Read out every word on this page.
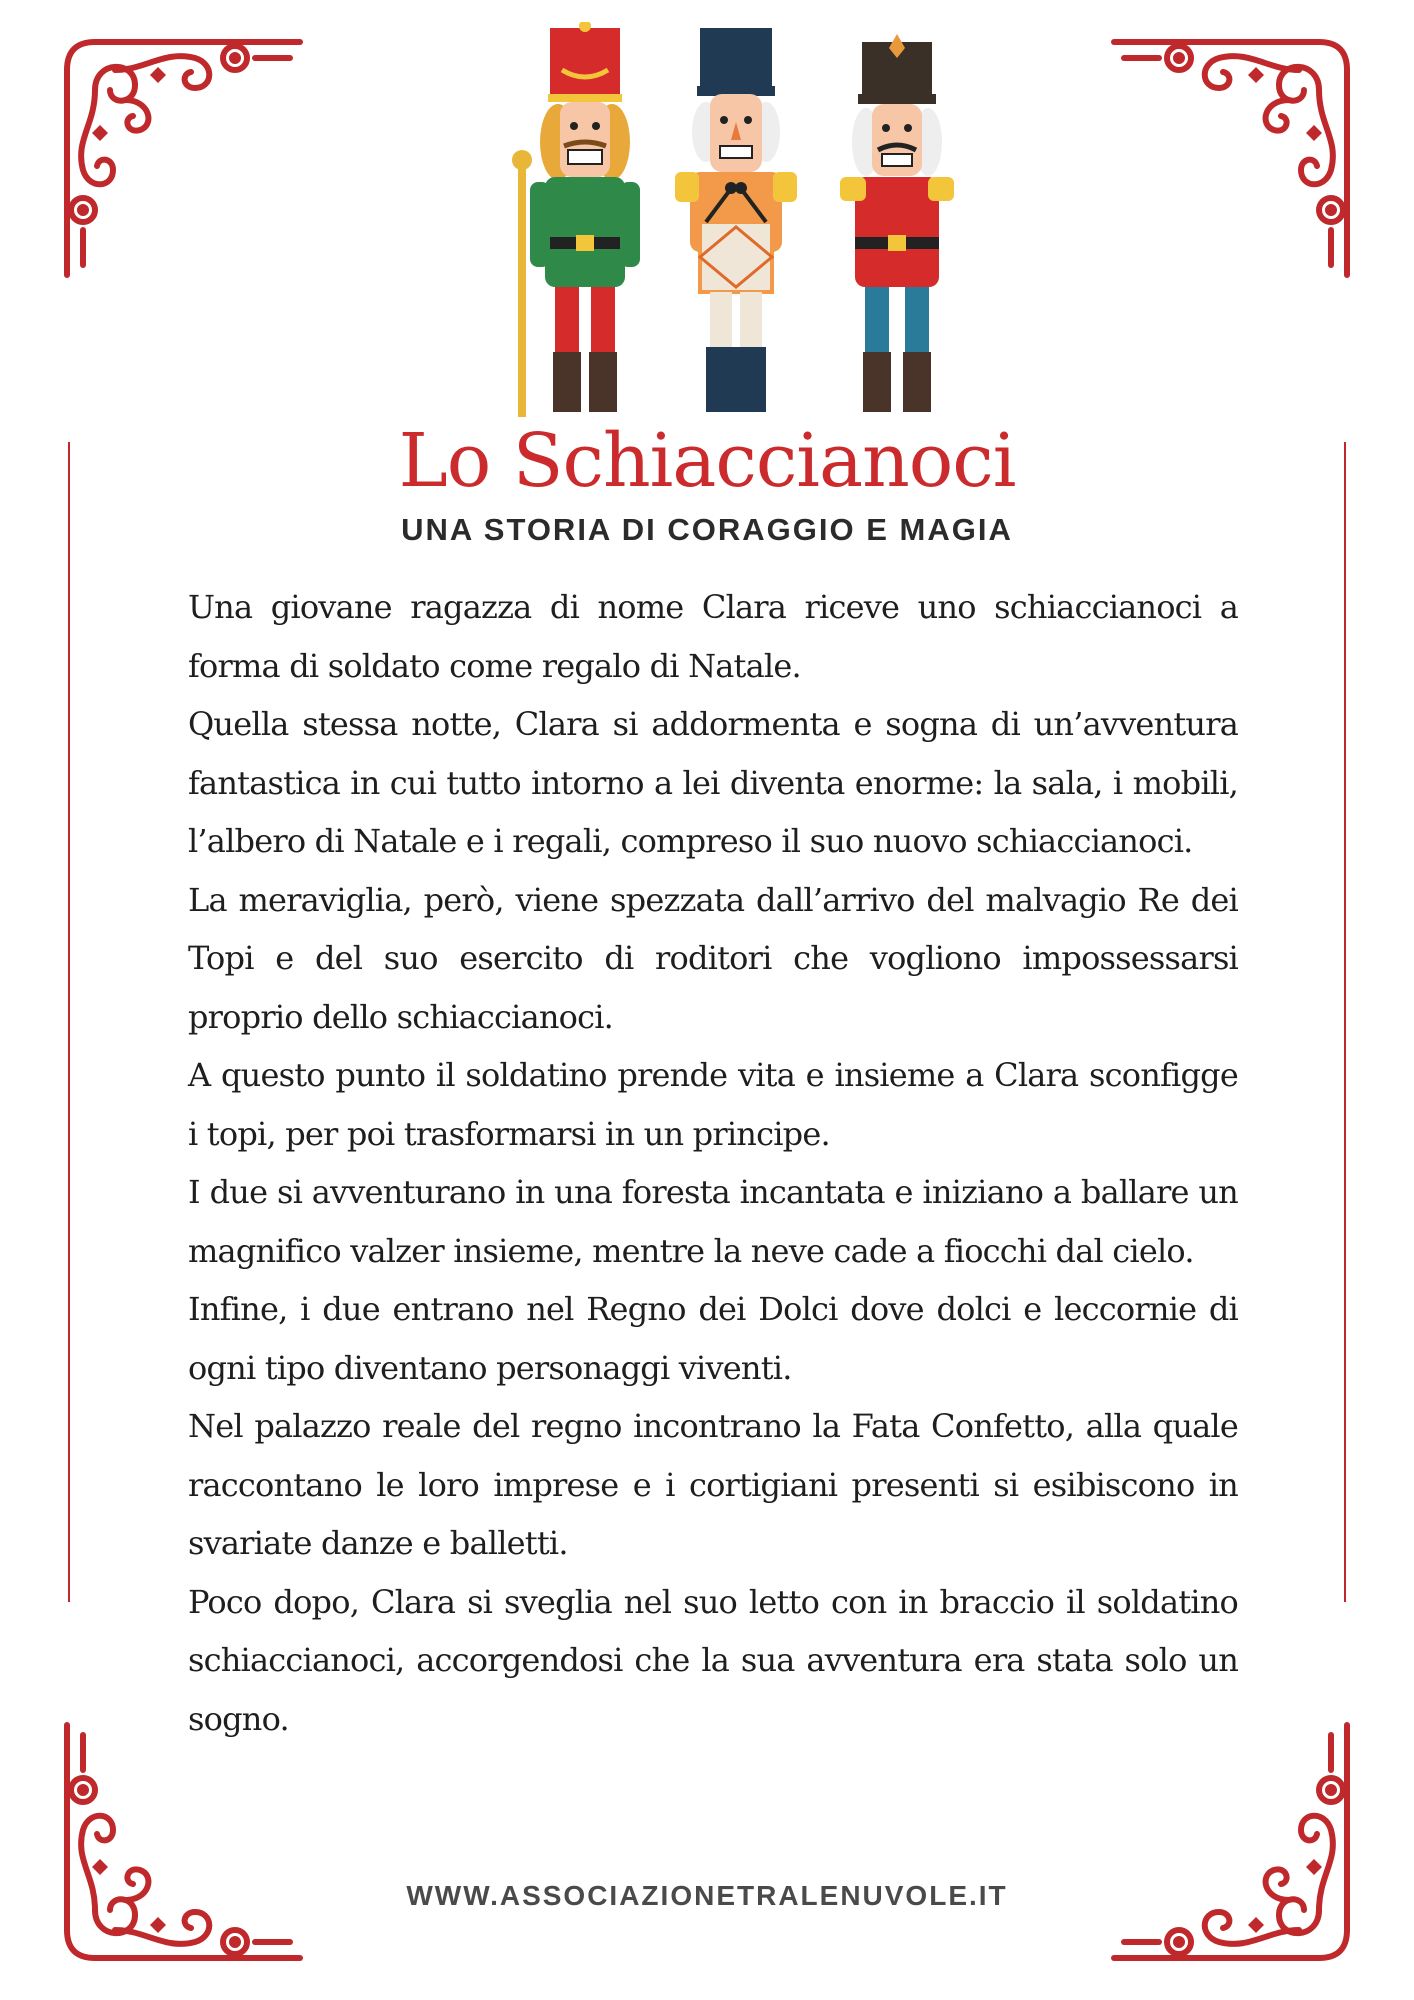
Lo Schiaccianoci
UNA STORIA DI CORAGGIO E MAGIA

Una giovane ragazza di nome Clara riceve uno schiaccianoci a forma di soldato come regalo di Natale.

Quella stessa notte, Clara si addormenta e sogna di un’avventura fantastica in cui tutto intorno a lei diventa enorme: la sala, i mobili, l’albero di Natale e i regali, compreso il suo nuovo schiaccianoci.

La meraviglia, però, viene spezzata dall’arrivo del malvagio Re dei Topi e del suo esercito di roditori che vogliono impossessarsi proprio dello schiaccianoci.

A questo punto il soldatino prende vita e insieme a Clara sconfigge i topi, per poi trasformarsi in un principe.

I due si avventurano in una foresta incantata e iniziano a ballare un magnifico valzer insieme, mentre la neve cade a fiocchi dal cielo.

Infine, i due entrano nel Regno dei Dolci dove dolci e leccornie di ogni tipo diventano personaggi viventi.

Nel palazzo reale del regno incontrano la Fata Confetto, alla quale raccontano le loro imprese e i cortigiani presenti si esibiscono in svariate danze e balletti.

Poco dopo, Clara si sveglia nel suo letto con in braccio il soldatino schiaccianoci, accorgendosi che la sua avventura era stata solo un sogno.

WWW.ASSOCIAZIONETRALENUVOLE.IT
